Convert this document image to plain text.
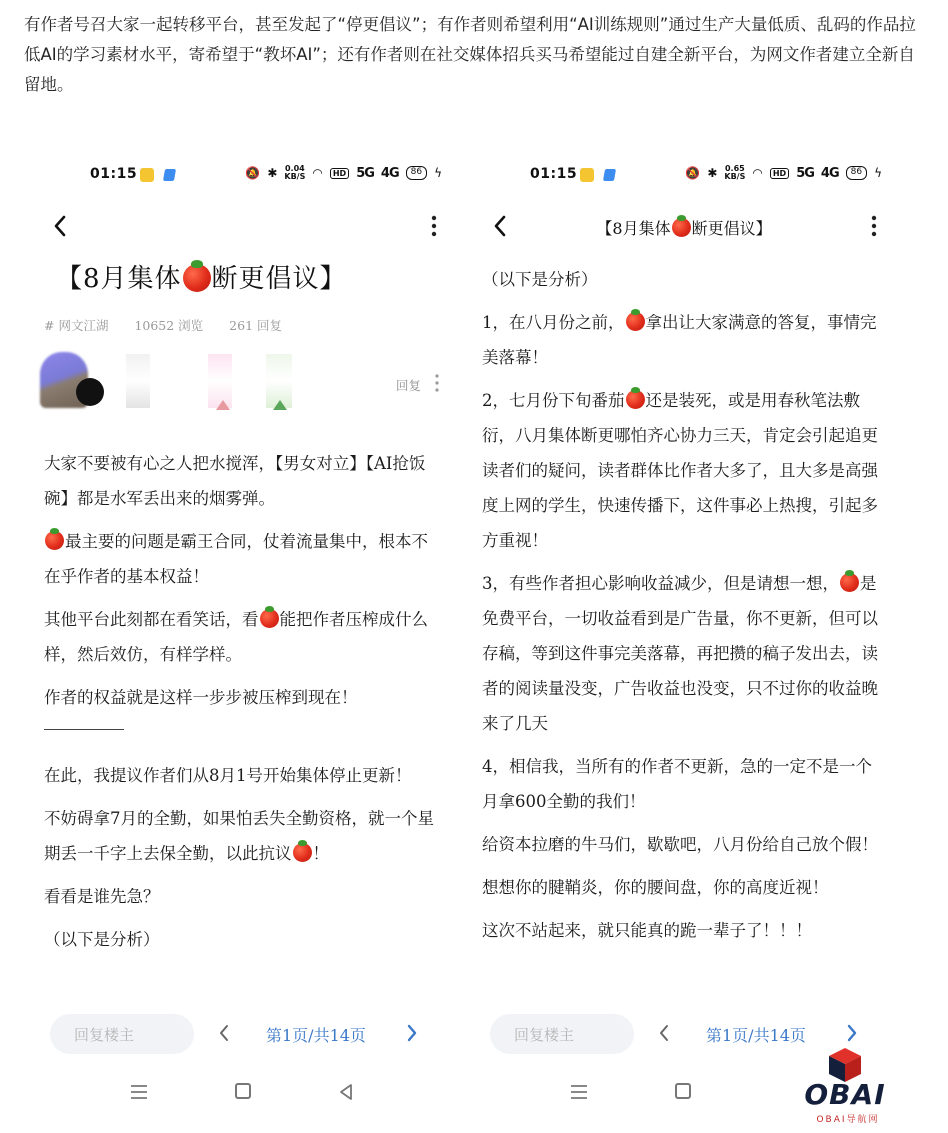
有作者号召大家一起转移平台，甚至发起了“停更倡议”；有作者则希望利用“AI训练规则”通过生产大量低质、乱码的作品拉低AI的学习素材水平，寄希望于“教坏AI”；还有作者则在社交媒体招兵买马希望能过自建全新平台，为网文作者建立全新自留地。
01:15	🔕 ✱ 0.04
KB/S ◠	HD 5G 4G	86	ϟ
【8月集体 断更倡议】
# 网文江湖 10652 浏览 261 回复
回复

大家不要被有心之人把水搅浑，【男女对立】【AI抢饭碗】都是水军丢出来的烟雾弹。

最主要的问题是霸王合同，仗着流量集中，根本不在乎作者的基本权益！

其他平台此刻都在看笑话，看 能把作者压榨成什么样，然后效仿，有样学样。

作者的权益就是这样一步步被压榨到现在！

在此，我提议作者们从8月1号开始集体停止更新！

不妨碍拿7月的全勤，如果怕丢失全勤资格，就一个星期丢一千字上去保全勤，以此抗议 ！

看看是谁先急？

（以下是分析）

回复楼主	第1页/共14页
01:15	🔕 ✱ 0.65
KB/S ◠	HD 5G 4G	86	ϟ
【8月集体 断更倡议】

（以下是分析）

1，在八月份之前， 拿出让大家满意的答复，事情完美落幕！

2，七月份下旬番茄 还是装死，或是用春秋笔法敷衍，八月集体断更哪怕齐心协力三天，肯定会引起追更读者们的疑问，读者群体比作者大多了，且大多是高强度上网的学生，快速传播下，这件事必上热搜，引起多方重视！

3，有些作者担心影响收益减少，但是请想一想， 是免费平台，一切收益看到是广告量，你不更新，但可以存稿，等到这件事完美落幕，再把攒的稿子发出去，读者的阅读量没变，广告收益也没变，只不过你的收益晚来了几天

4，相信我，当所有的作者不更新，急的一定不是一个月拿600全勤的我们！

给资本拉磨的牛马们，歇歇吧，八月份给自己放个假！

想想你的腱鞘炎，你的腰间盘，你的高度近视！

这次不站起来，就只能真的跪一辈子了！！！

回复楼主	第1页/共14页
OBAI
OBAI导航网
